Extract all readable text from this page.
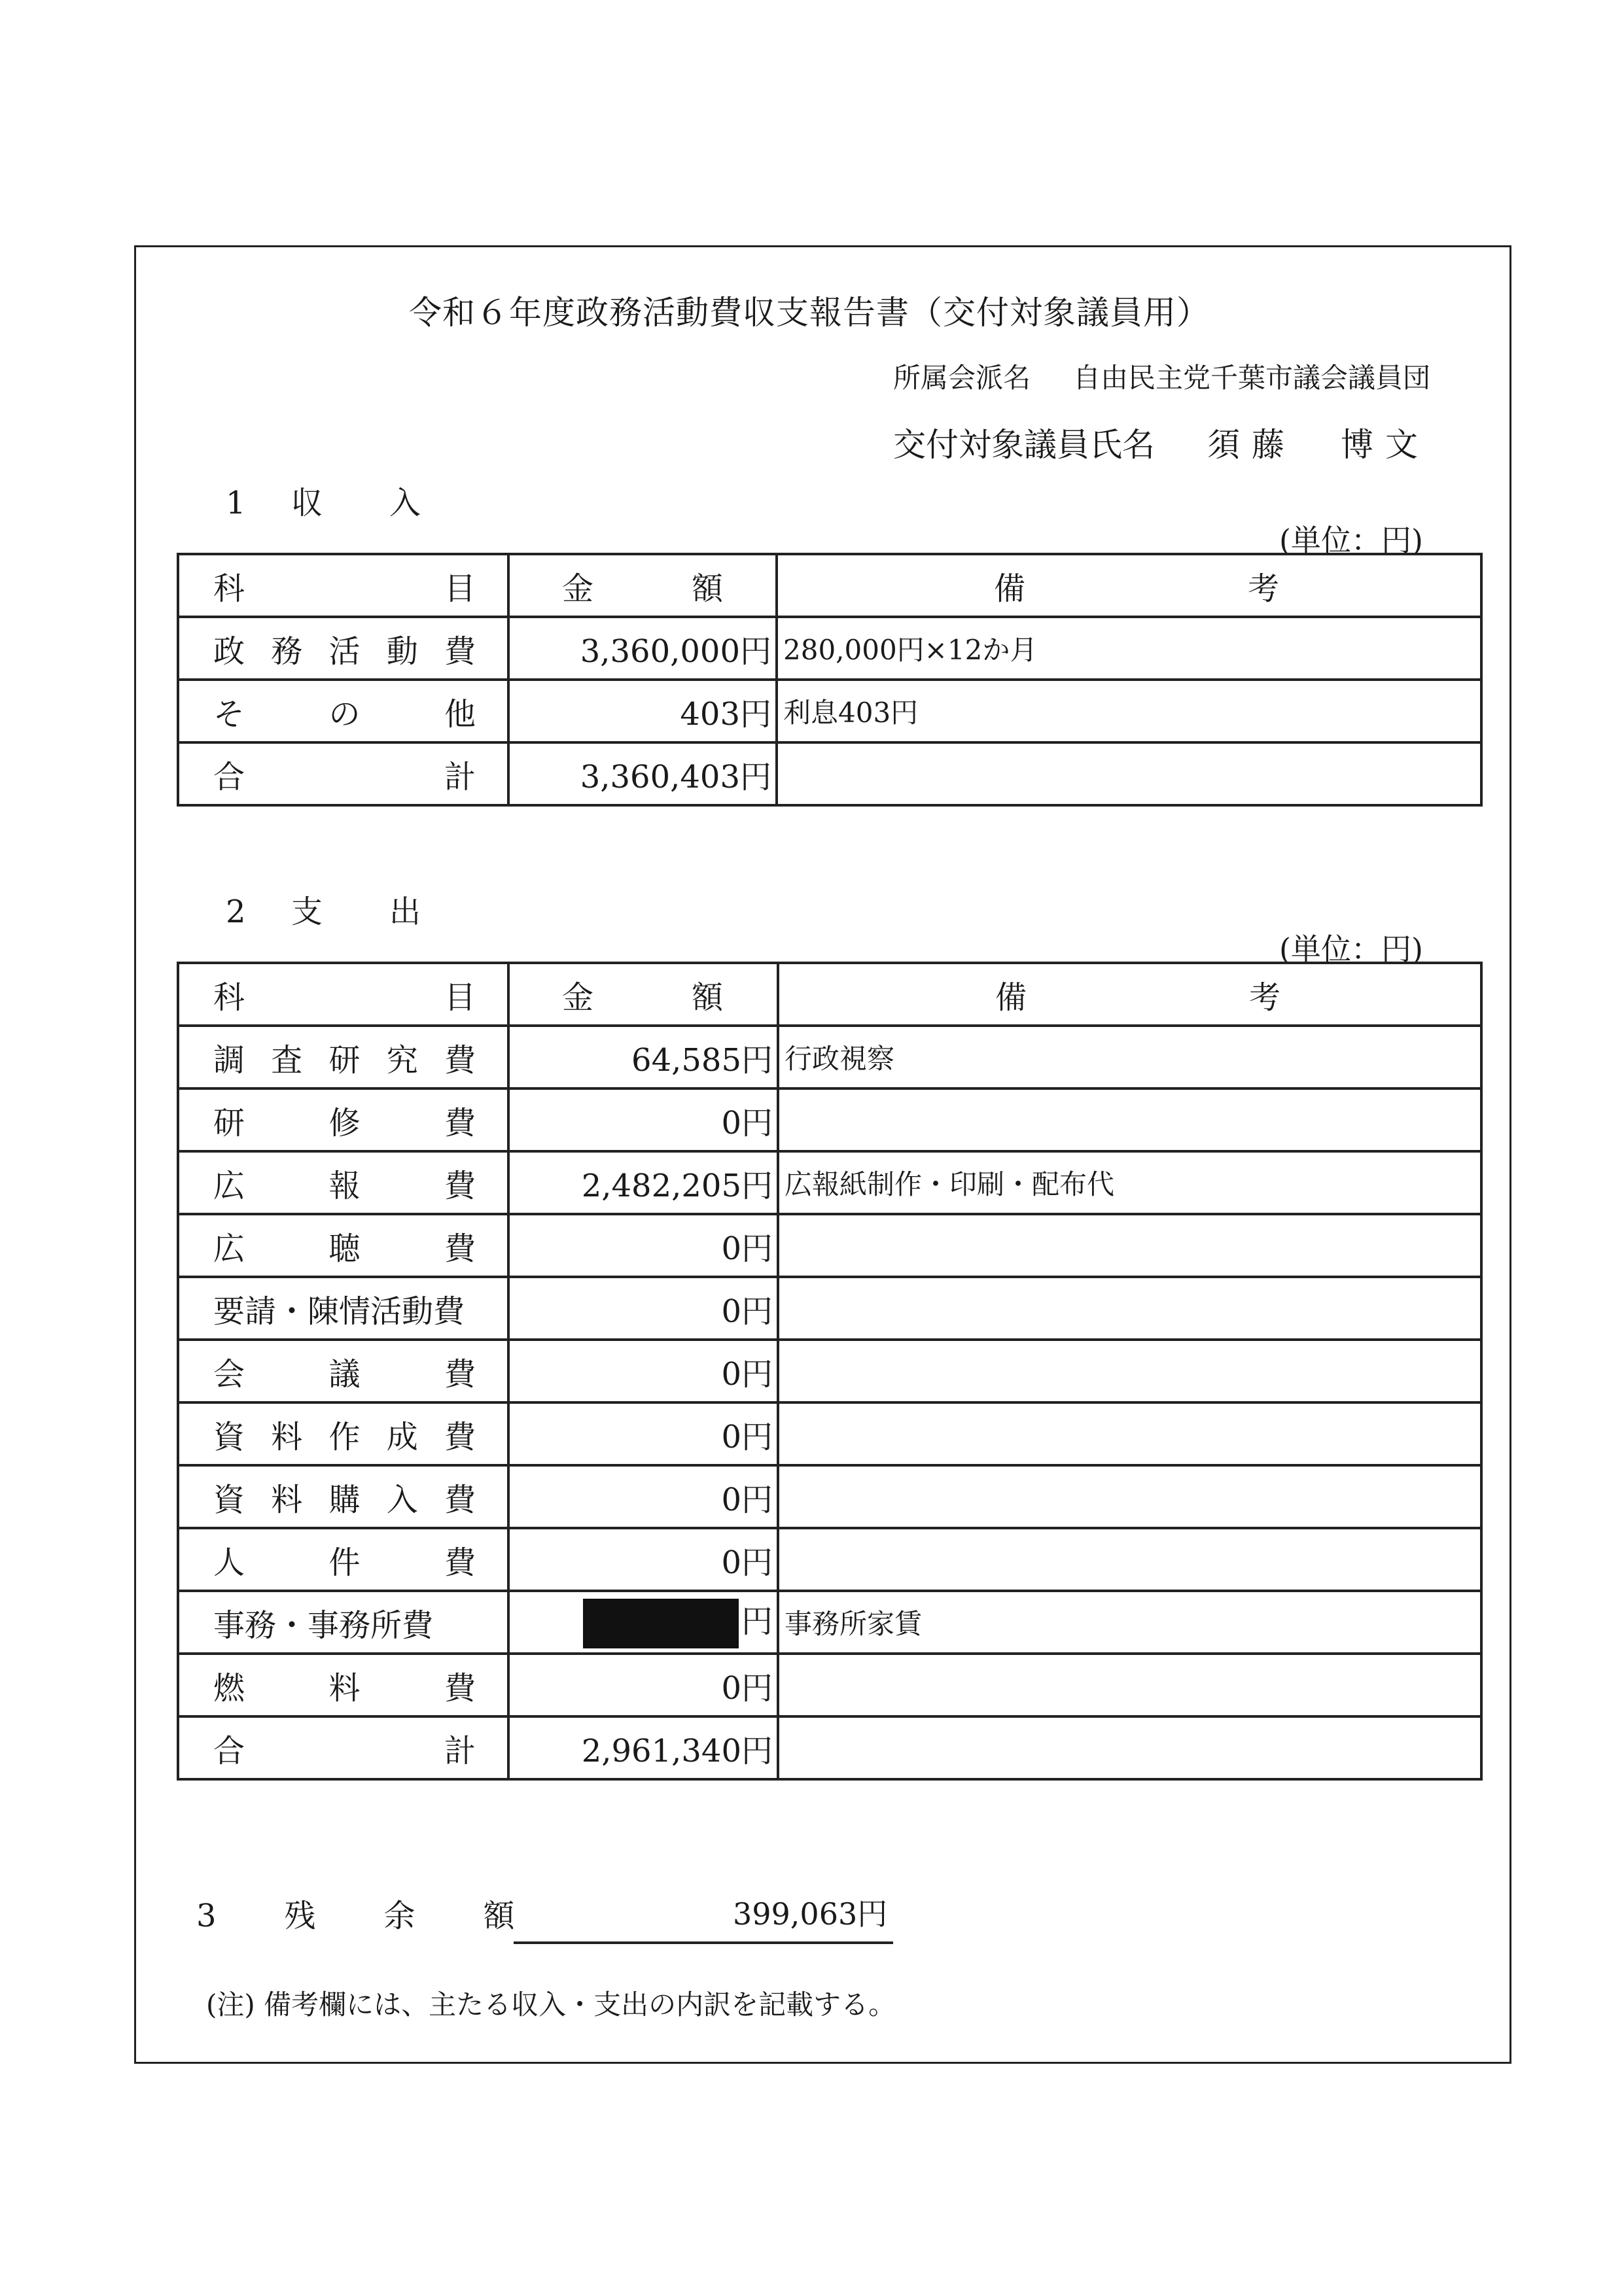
令和６年度政務活動費収支報告書（交付対象議員用）
所属会派名 自由民主党千葉市議会議員団
交付対象議員氏名 須藤　博文
1 収 入
(単位：円)
科 目	金 額	備 考

政 務 活 動 費	3,360,000円	280,000円×12か月

そ の 他	403円	利息403円

合 計	3,360,403円	
2 支 出
(単位：円)
科 目	金 額	備 考

調 査 研 究 費	64,585円	行政視察

研 修 費	0円	

広 報 費	2,482,205円	広報紙制作・印刷・配布代

広 聴 費	0円	

要請・陳情活動費	0円	

会 議 費	0円	

資 料 作 成 費	0円	

資 料 購 入 費	0円	

人 件 費	0円	

事務・事務所費	円	事務所家賃

燃 料 費	0円	

合 計	2,961,340円	
3　残　余　額	399,063円
(注) 備考欄には、主たる収入・支出の内訳を記載する。
